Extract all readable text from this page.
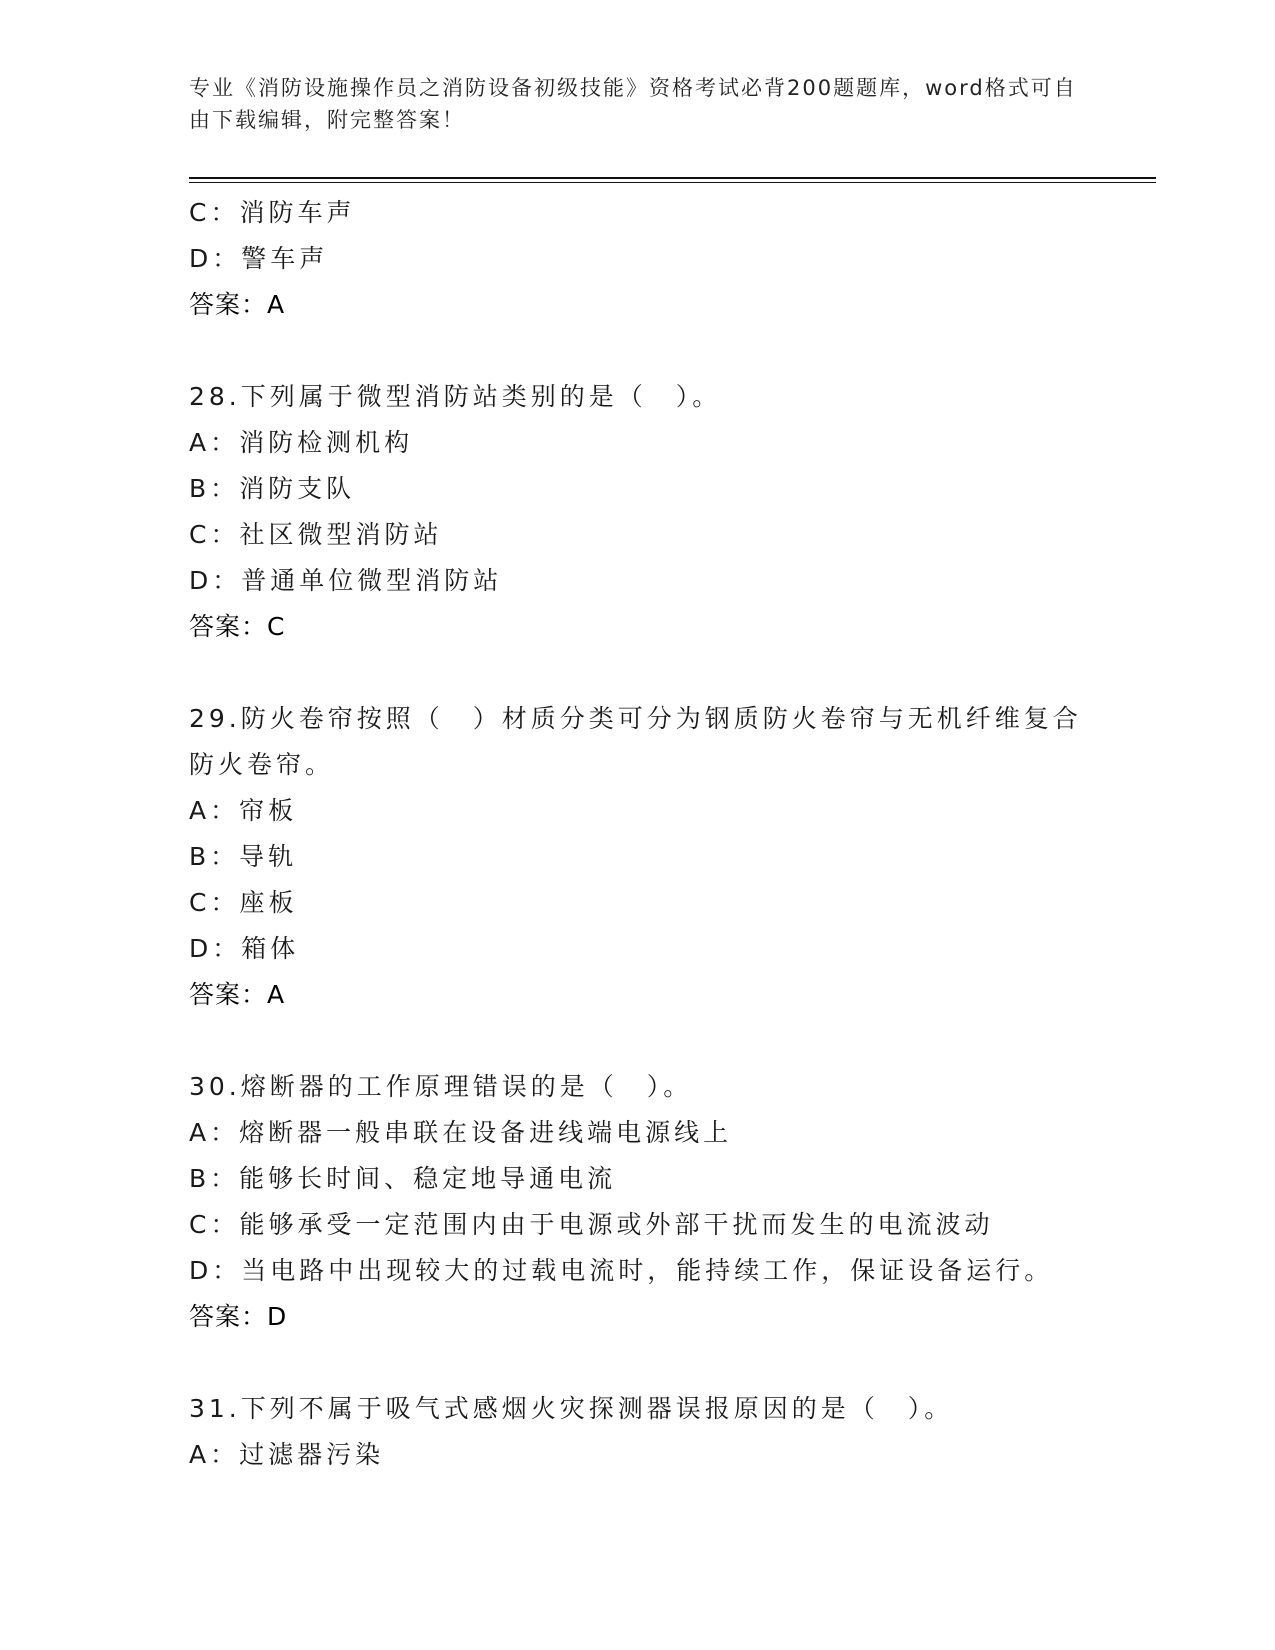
专业《消防设施操作员之消防设备初级技能》资格考试必背200题题库，word格式可自由下载编辑，附完整答案！
C：消防车声
D：警车声
答案：A
28.下列属于微型消防站类别的是（　）。
A：消防检测机构
B：消防支队
C：社区微型消防站
D：普通单位微型消防站
答案：C
29.防火卷帘按照（　）材质分类可分为钢质防火卷帘与无机纤维复合防火卷帘。
A：帘板
B：导轨
C：座板
D：箱体
答案：A
30.熔断器的工作原理错误的是（　）。
A：熔断器一般串联在设备进线端电源线上
B：能够长时间、稳定地导通电流
C：能够承受一定范围内由于电源或外部干扰而发生的电流波动
D：当电路中出现较大的过载电流时，能持续工作，保证设备运行。
答案：D
31.下列不属于吸气式感烟火灾探测器误报原因的是（　）。
A：过滤器污染
